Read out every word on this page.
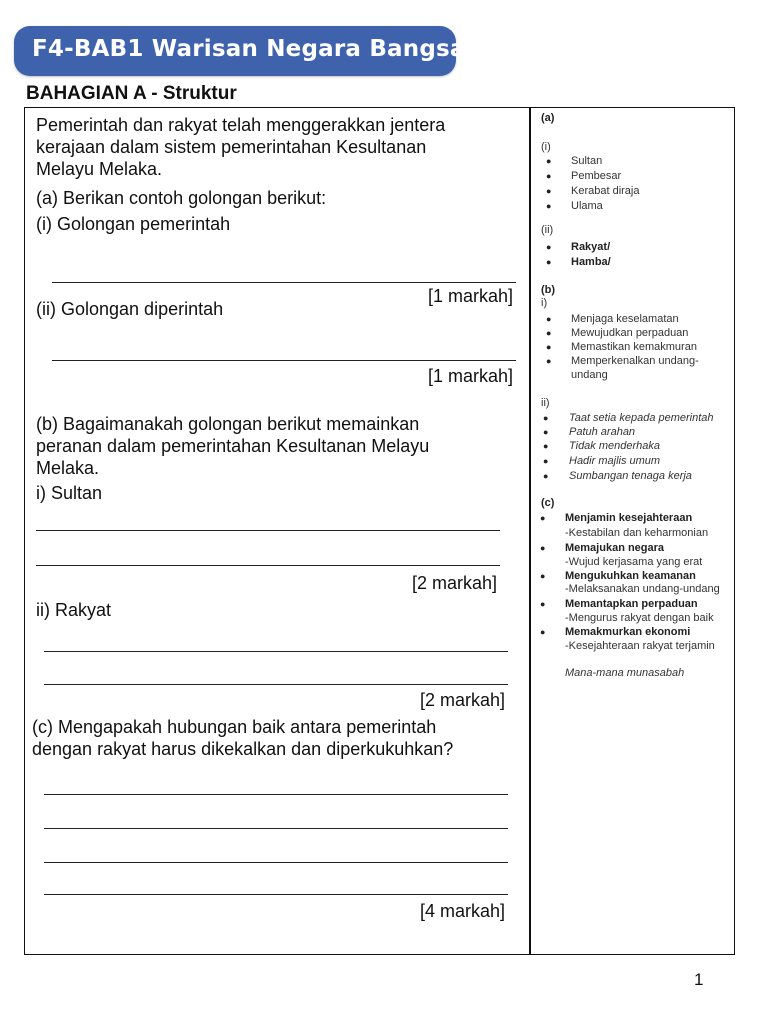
F4-BAB1 Warisan Negara Bangsa
BAHAGIAN A - Struktur
Pemerintah dan rakyat telah menggerakkan jentera
kerajaan dalam sistem pemerintahan Kesultanan
Melayu Melaka.
(a) Berikan contoh golongan berikut:
(i) Golongan pemerintah
[1 markah]
(ii) Golongan diperintah
[1 markah]
(b) Bagaimanakah golongan berikut memainkan
peranan dalam pemerintahan Kesultanan Melayu
Melaka.
i) Sultan
[2 markah]
ii) Rakyat
[2 markah]
(c) Mengapakah hubungan baik antara pemerintah
dengan rakyat harus dikekalkan dan diperkukuhkan?
[4 markah]
(a)
(i)
● Sultan
● Pembesar
● Kerabat diraja
● Ulama
(ii)
● Rakyat/
● Hamba/
(b)
i)
● Menjaga keselamatan
● Mewujudkan perpaduan
● Memastikan kemakmuran
● Memperkenalkan undang-
undang
ii)
● Taat setia kepada pemerintah
● Patuh arahan
● Tidak menderhaka
● Hadir majlis umum
● Sumbangan tenaga kerja
(c)
● Menjamin kesejahteraan
-Kestabilan dan keharmonian
● Memajukan negara
-Wujud kerjasama yang erat
● Mengukuhkan keamanan
-Melaksanakan undang-undang
● Memantapkan perpaduan
-Mengurus rakyat dengan baik
● Memakmurkan ekonomi
-Kesejahteraan rakyat terjamin
Mana-mana munasabah
1
